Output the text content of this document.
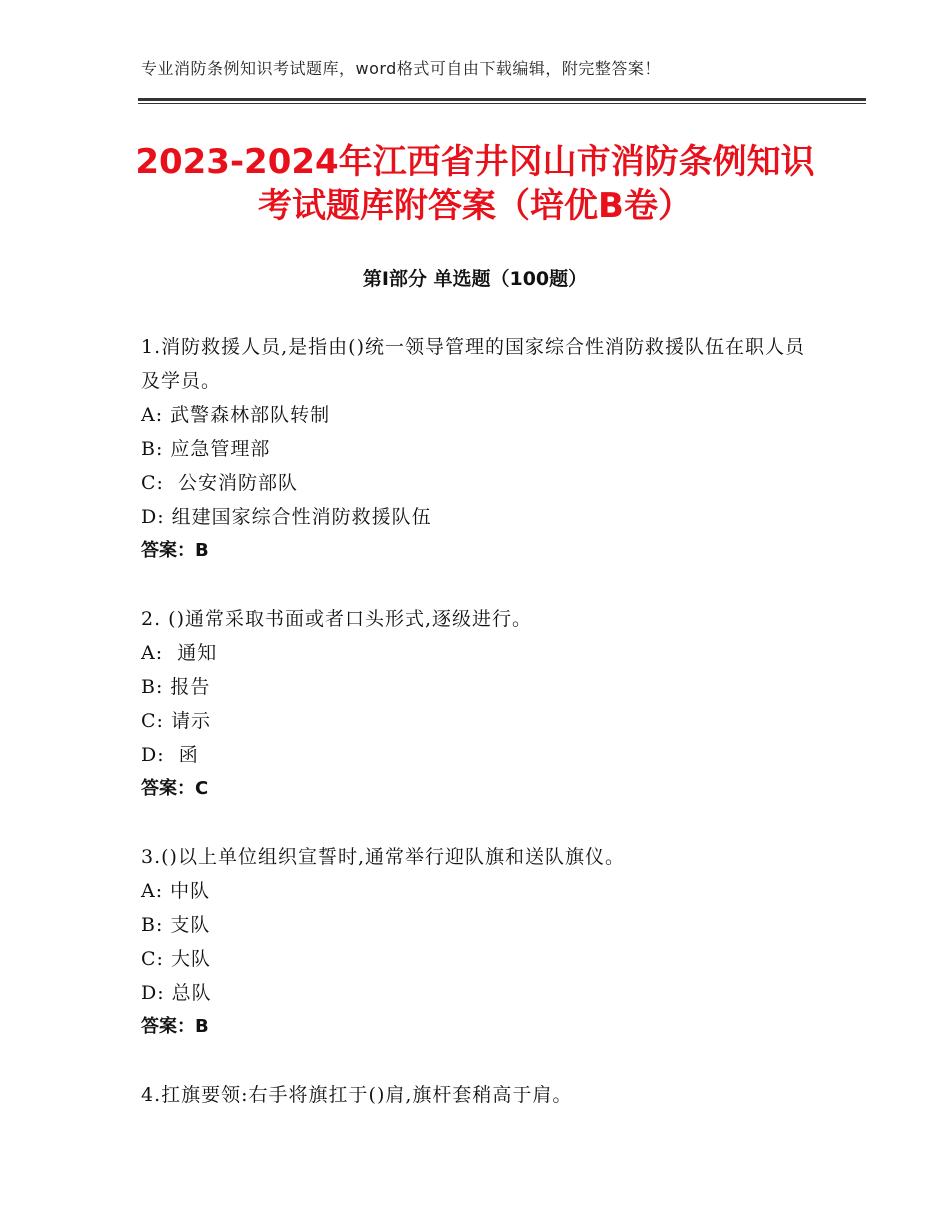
专业消防条例知识考试题库，word格式可自由下载编辑，附完整答案！
2023-2024年江西省井冈山市消防条例知识
考试题库附答案（培优B卷）
第Ⅰ部分 单选题（100题）
1.消防救援人员,是指由()统一领导管理的国家综合性消防救援队伍在职人员及学员。
A: 武警森林部队转制
B: 应急管理部
C:  公安消防部队
D: 组建国家综合性消防救援队伍
答案：B
2. ()通常采取书面或者口头形式,逐级进行。
A:  通知
B: 报告
C: 请示
D:  函
答案：C
3.()以上单位组织宣誓时,通常举行迎队旗和送队旗仪。
A: 中队
B: 支队
C: 大队
D: 总队
答案：B
4.扛旗要领:右手将旗扛于()肩,旗杆套稍高于肩。
